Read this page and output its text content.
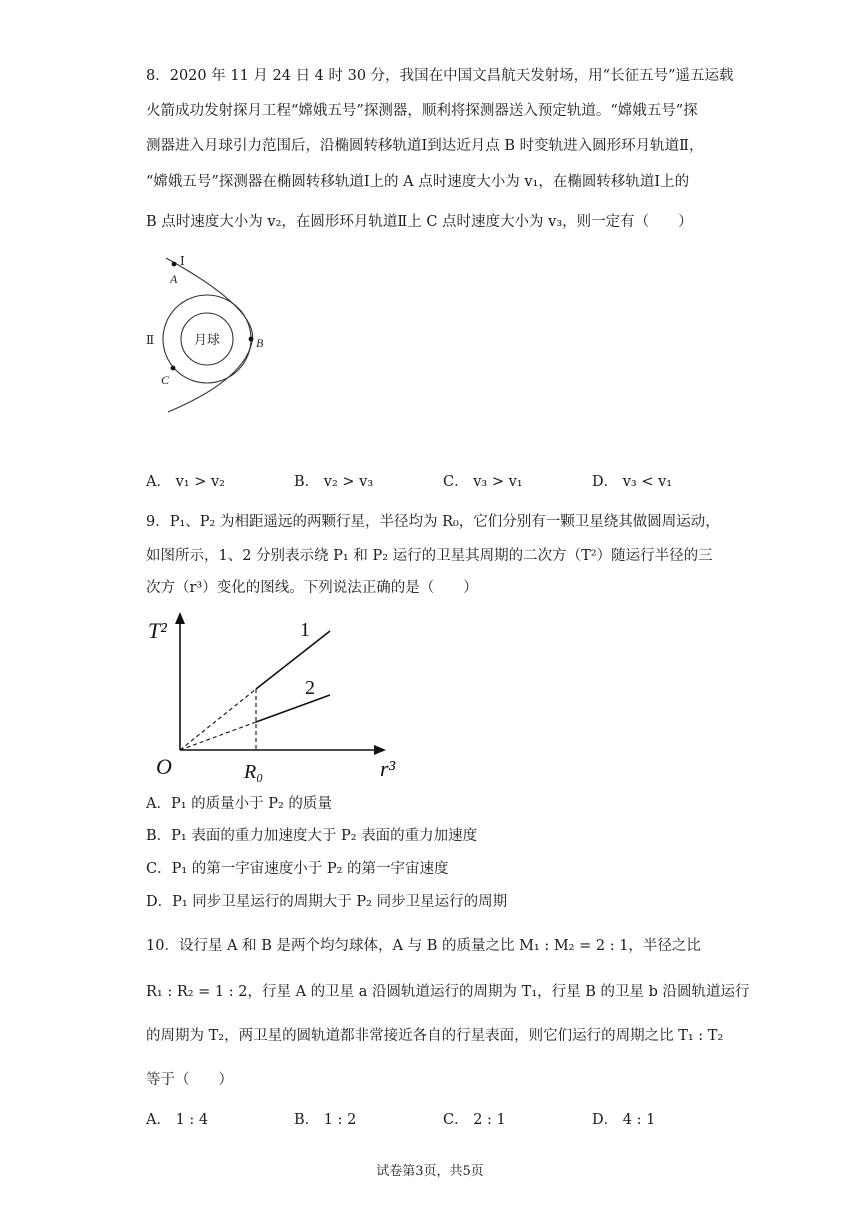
8．2020 年 11 月 24 日 4 时 30 分，我国在中国文昌航天发射场，用“长征五号”遥五运载
火箭成功发射探月工程“嫦娥五号”探测器，顺利将探测器送入预定轨道。“嫦娥五号”探
测器进入月球引力范围后，沿椭圆转移轨道Ⅰ到达近月点 B 时变轨进入圆形环月轨道Ⅱ，
“嫦娥五号”探测器在椭圆转移轨道Ⅰ上的 A 点时速度大小为 v₁，在椭圆转移轨道Ⅰ上的
B 点时速度大小为 v₂，在圆形环月轨道Ⅱ上 C 点时速度大小为 v₃，则一定有（　　）
月球
Ⅰ
A
Ⅱ	B
C
A． v₁ > v₂	B． v₂ > v₃	C． v₃ > v₁	D． v₃ < v₁
9．P₁、P₂ 为相距遥远的两颗行星，半径均为 R₀，它们分别有一颗卫星绕其做圆周运动，
如图所示，1、2 分别表示绕 P₁ 和 P₂ 运行的卫星其周期的二次方（T²）随运行半径的三
次方（r³）变化的图线。下列说法正确的是（　　）
T²
r³
O	R₀
1
2
A．P₁ 的质量小于 P₂ 的质量
B．P₁ 表面的重力加速度大于 P₂ 表面的重力加速度
C．P₁ 的第一宇宙速度小于 P₂ 的第一宇宙速度
D．P₁ 同步卫星运行的周期大于 P₂ 同步卫星运行的周期
10．设行星 A 和 B 是两个均匀球体，A 与 B 的质量之比 M₁ : M₂ = 2 : 1，半径之比
R₁ : R₂ = 1 : 2，行星 A 的卫星 a 沿圆轨道运行的周期为 T₁，行星 B 的卫星 b 沿圆轨道运行
的周期为 T₂，两卫星的圆轨道都非常接近各自的行星表面，则它们运行的周期之比 T₁ : T₂
等于（　　）
A． 1 : 4	B． 1 : 2	C． 2 : 1	D． 4 : 1
试卷第3页，共5页
